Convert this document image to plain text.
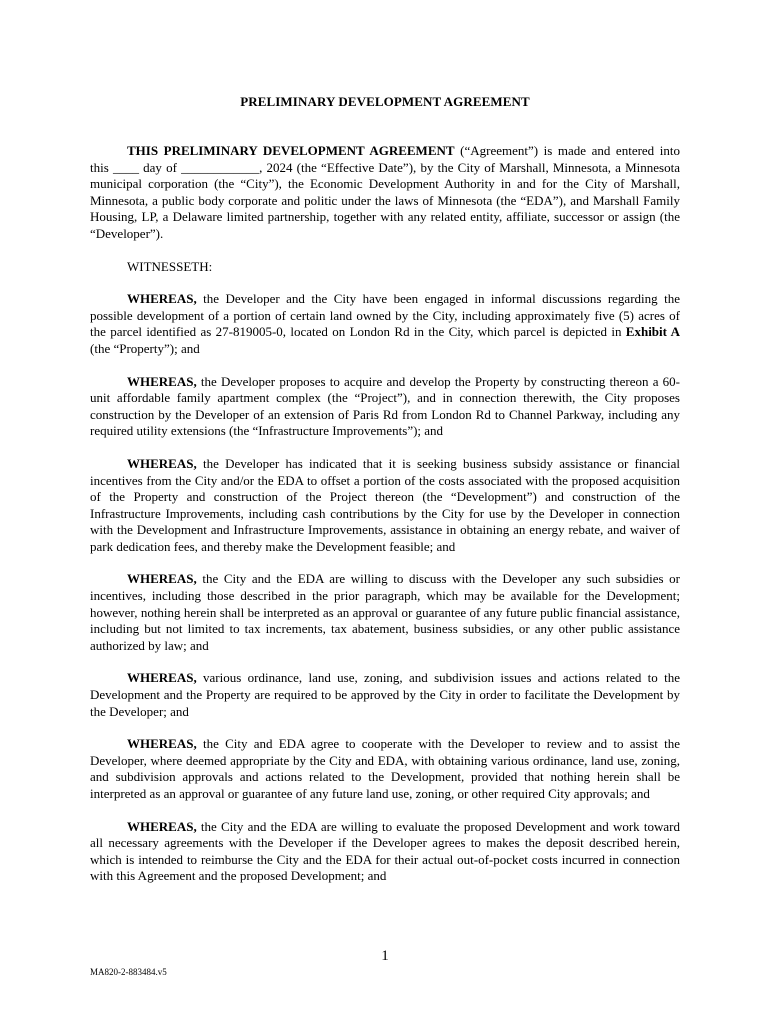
PRELIMINARY DEVELOPMENT AGREEMENT

THIS PRELIMINARY DEVELOPMENT AGREEMENT (“Agreement”) is made and entered into this ____ day of ____________, 2024 (the “Effective Date”), by the City of Marshall, Minnesota, a Minnesota municipal corporation (the “City”), the Economic Development Authority in and for the City of Marshall, Minnesota, a public body corporate and politic under the laws of Minnesota (the “EDA”), and Marshall Family Housing, LP, a Delaware limited partnership, together with any related entity, affiliate, successor or assign (the “Developer”).

WITNESSETH:

WHEREAS, the Developer and the City have been engaged in informal discussions regarding the possible development of a portion of certain land owned by the City, including approximately five (5) acres of the parcel identified as 27-819005-0, located on London Rd in the City, which parcel is depicted in Exhibit A (the “Property”); and

WHEREAS, the Developer proposes to acquire and develop the Property by constructing thereon a 60-unit affordable family apartment complex (the “Project”), and in connection therewith, the City proposes construction by the Developer of an extension of Paris Rd from London Rd to Channel Parkway, including any required utility extensions (the “Infrastructure Improvements”); and

WHEREAS, the Developer has indicated that it is seeking business subsidy assistance or financial incentives from the City and/or the EDA to offset a portion of the costs associated with the proposed acquisition of the Property and construction of the Project thereon (the “Development”) and construction of the Infrastructure Improvements, including cash contributions by the City for use by the Developer in connection with the Development and Infrastructure Improvements, assistance in obtaining an energy rebate, and waiver of park dedication fees, and thereby make the Development feasible; and

WHEREAS, the City and the EDA are willing to discuss with the Developer any such subsidies or incentives, including those described in the prior paragraph, which may be available for the Development; however, nothing herein shall be interpreted as an approval or guarantee of any future public financial assistance, including but not limited to tax increments, tax abatement, business subsidies, or any other public assistance authorized by law; and

WHEREAS, various ordinance, land use, zoning, and subdivision issues and actions related to the Development and the Property are required to be approved by the City in order to facilitate the Development by the Developer; and

WHEREAS, the City and EDA agree to cooperate with the Developer to review and to assist the Developer, where deemed appropriate by the City and EDA, with obtaining various ordinance, land use, zoning, and subdivision approvals and actions related to the Development, provided that nothing herein shall be interpreted as an approval or guarantee of any future land use, zoning, or other required City approvals; and

WHEREAS, the City and the EDA are willing to evaluate the proposed Development and work toward all necessary agreements with the Developer if the Developer agrees to makes the deposit described herein, which is intended to reimburse the City and the EDA for their actual out-of-pocket costs incurred in connection with this Agreement and the proposed Development; and

1
MA820-2-883484.v5
